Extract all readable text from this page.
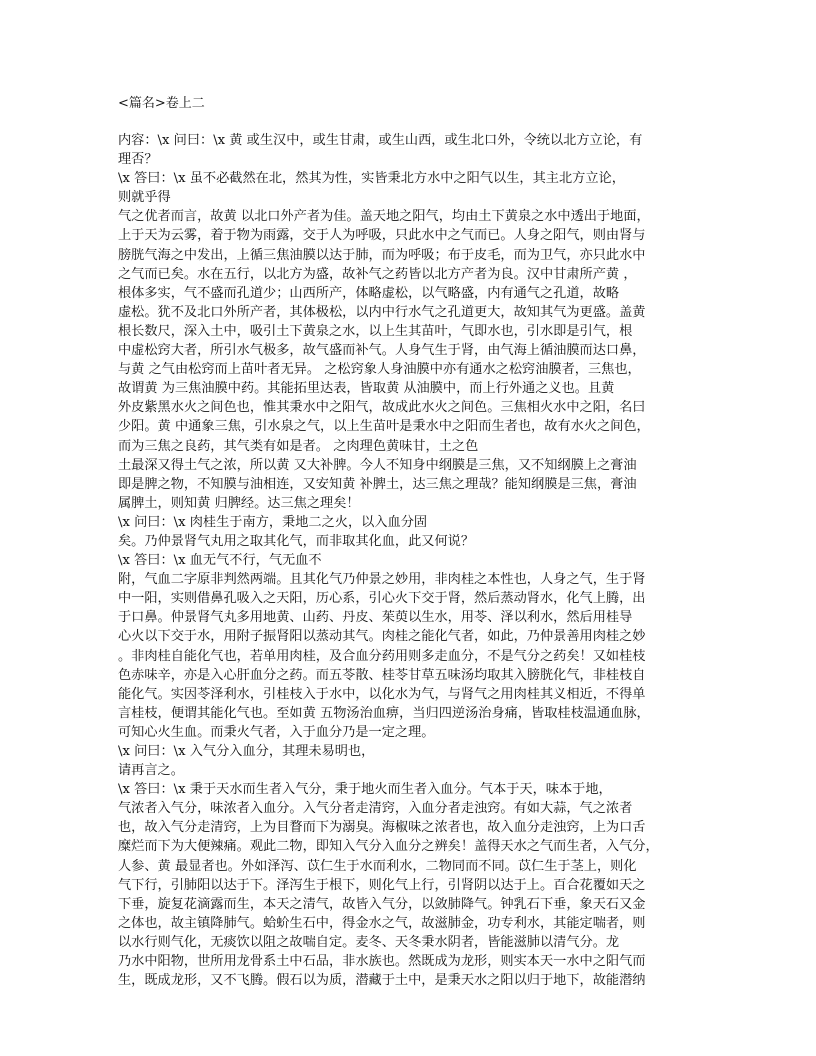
<篇名>卷上二
内容：\x 问曰：\x 黄 或生汉中，或生甘肃，或生山西，或生北口外，令统以北方立论，有
理否？
\x 答曰：\x 虽不必截然在北，然其为性，实皆秉北方水中之阳气以生，其主北方立论，
则就乎得
气之优者而言，故黄 以北口外产者为佳。盖天地之阳气，均由土下黄泉之水中透出于地面，
上于天为云雾，着于物为雨露，交于人为呼吸，只此水中之气而已。人身之阳气，则由肾与
膀胱气海之中发出，上循三焦油膜以达于肺，而为呼吸；布于皮毛，而为卫气，亦只此水中
之气而已矣。水在五行，以北方为盛，故补气之药皆以北方产者为良。汉中甘肃所产黄 ，
根体多实，气不盛而孔道少；山西所产，体略虚松，以气略盛，内有通气之孔道，故略
虚松。犹不及北口外所产者，其体极松，以内中行水气之孔道更大，故知其气为更盛。盖黄
根长数尺，深入土中，吸引土下黄泉之水，以上生其苗叶，气即水也，引水即是引气，根
中虚松窍大者，所引水气极多，故气盛而补气。人身气生于肾，由气海上循油膜而达口鼻，
与黄 之气由松窍而上苗叶者无异。 之松窍象人身油膜中亦有通水之松窍油膜者，三焦也，
故谓黄 为三焦油膜中药。其能拓里达表，皆取黄 从油膜中，而上行外通之义也。且黄
外皮紫黑水火之间色也，惟其秉水中之阳气，故成此水火之间色。三焦相火水中之阳，名曰
少阳。黄 中通象三焦，引水泉之气，以上生苗叶是秉水中之阳而生者也，故有水火之间色，
而为三焦之良药，其气类有如是者。 之肉理色黄味甘，土之色
土最深又得土气之浓，所以黄 又大补脾。今人不知身中纲膜是三焦，又不知纲膜上之膏油
即是脾之物，不知膜与油相连，又安知黄 补脾土，达三焦之理哉？能知纲膜是三焦，膏油
属脾土，则知黄 归脾经。达三焦之理矣！
\x 问曰：\x 肉桂生于南方，秉地二之火，以入血分固
矣。乃仲景肾气丸用之取其化气，而非取其化血，此又何说？
\x 答曰：\x 血无气不行，气无血不
附，气血二字原非判然两端。且其化气乃仲景之妙用，非肉桂之本性也，人身之气，生于肾
中一阳，实则借鼻孔吸入之天阳，历心系，引心火下交于肾，然后蒸动肾水，化气上腾，出
于口鼻。仲景肾气丸多用地黄、山药、丹皮、茱萸以生水，用苓、泽以利水，然后用桂导
心火以下交于水，用附子振肾阳以蒸动其气。肉桂之能化气者，如此，乃仲景善用肉桂之妙
。非肉桂自能化气也，若单用肉桂，及合血分药用则多走血分，不是气分之药矣！又如桂枝
色赤味辛，亦是入心肝血分之药。而五苓散、桂苓甘草五味汤均取其入膀胱化气，非桂枝自
能化气。实因苓泽利水，引桂枝入于水中，以化水为气，与肾气之用肉桂其义相近，不得单
言桂枝，便谓其能化气也。至如黄 五物汤治血痹，当归四逆汤治身痛，皆取桂枝温通血脉，
可知心火生血。而秉火气者，入于血分乃是一定之理。
\x 问曰：\x 入气分入血分，其理未易明也，
请再言之。
\x 答曰：\x 秉于天水而生者入气分，秉于地火而生者入血分。气本于天，味本于地，
气浓者入气分，味浓者入血分。入气分者走清窍，入血分者走浊窍。有如大蒜，气之浓者
也，故入气分走清窍，上为目瞀而下为溺臭。海椒味之浓者也，故入血分走浊窍，上为口舌
糜烂而下为大便辣痛。观此二物，即知入气分入血分之辨矣！盖得天水之气而生者，入气分，
人参、黄 最显者也。外如泽泻、苡仁生于水而利水，二物同而不同。苡仁生于茎上，则化
气下行，引肺阳以达于下。泽泻生于根下，则化气上行，引肾阴以达于上。百合花覆如天之
下垂，旋复花滴露而生，本天之清气，故皆入气分，以敛肺降气。钟乳石下垂，象天石又金
之体也，故主镇降肺气。蛤蚧生石中，得金水之气，故滋肺金，功专利水，其能定喘者，则
以水行则气化，无痰饮以阻之故喘自定。麦冬、天冬秉水阴者，皆能滋肺以清气分。龙
乃水中阳物，世所用龙骨系土中石品，非水族也。然既成为龙形，则实本天一水中之阳气而
生，既成龙形，又不飞腾。假石以为质，潜藏于土中，是秉天水之阳以归于地下，故能潜纳
